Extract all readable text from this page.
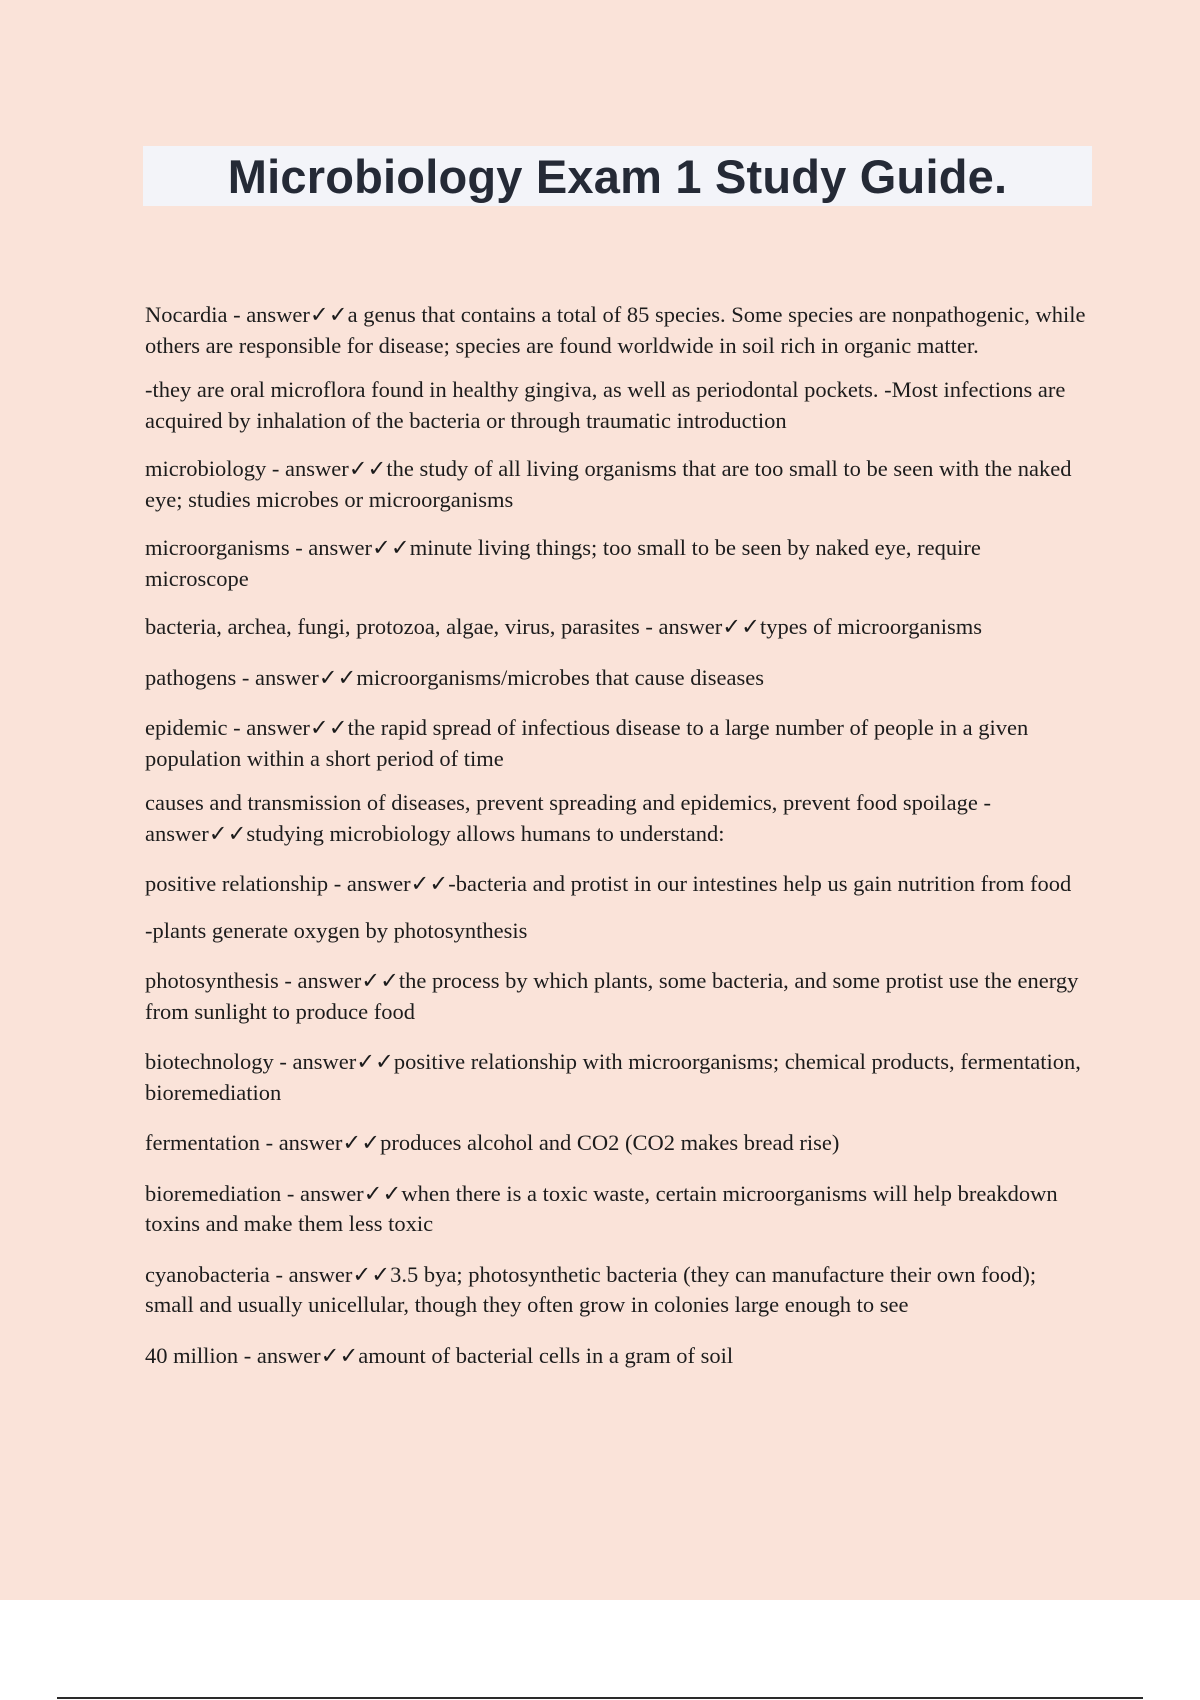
Microbiology Exam 1 Study Guide.

Nocardia - answer✓✓a genus that contains a total of 85 species. Some species are nonpathogenic, while others are responsible for disease; species are found worldwide in soil rich in organic matter.

-they are oral microflora found in healthy gingiva, as well as periodontal pockets. -Most infections are acquired by inhalation of the bacteria or through traumatic introduction

microbiology - answer✓✓the study of all living organisms that are too small to be seen with the naked eye; studies microbes or microorganisms

microorganisms - answer✓✓minute living things; too small to be seen by naked eye, require microscope

bacteria, archea, fungi, protozoa, algae, virus, parasites - answer✓✓types of microorganisms

pathogens - answer✓✓microorganisms/microbes that cause diseases

epidemic - answer✓✓the rapid spread of infectious disease to a large number of people in a given population within a short period of time

causes and transmission of diseases, prevent spreading and epidemics, prevent food spoilage - answer✓✓studying microbiology allows humans to understand:

positive relationship - answer✓✓-bacteria and protist in our intestines help us gain nutrition from food

-plants generate oxygen by photosynthesis

photosynthesis - answer✓✓the process by which plants, some bacteria, and some protist use the energy from sunlight to produce food

biotechnology - answer✓✓positive relationship with microorganisms; chemical products, fermentation, bioremediation

fermentation - answer✓✓produces alcohol and CO2 (CO2 makes bread rise)

bioremediation - answer✓✓when there is a toxic waste, certain microorganisms will help breakdown toxins and make them less toxic

cyanobacteria - answer✓✓3.5 bya; photosynthetic bacteria (they can manufacture their own food); small and usually unicellular, though they often grow in colonies large enough to see

40 million - answer✓✓amount of bacterial cells in a gram of soil
